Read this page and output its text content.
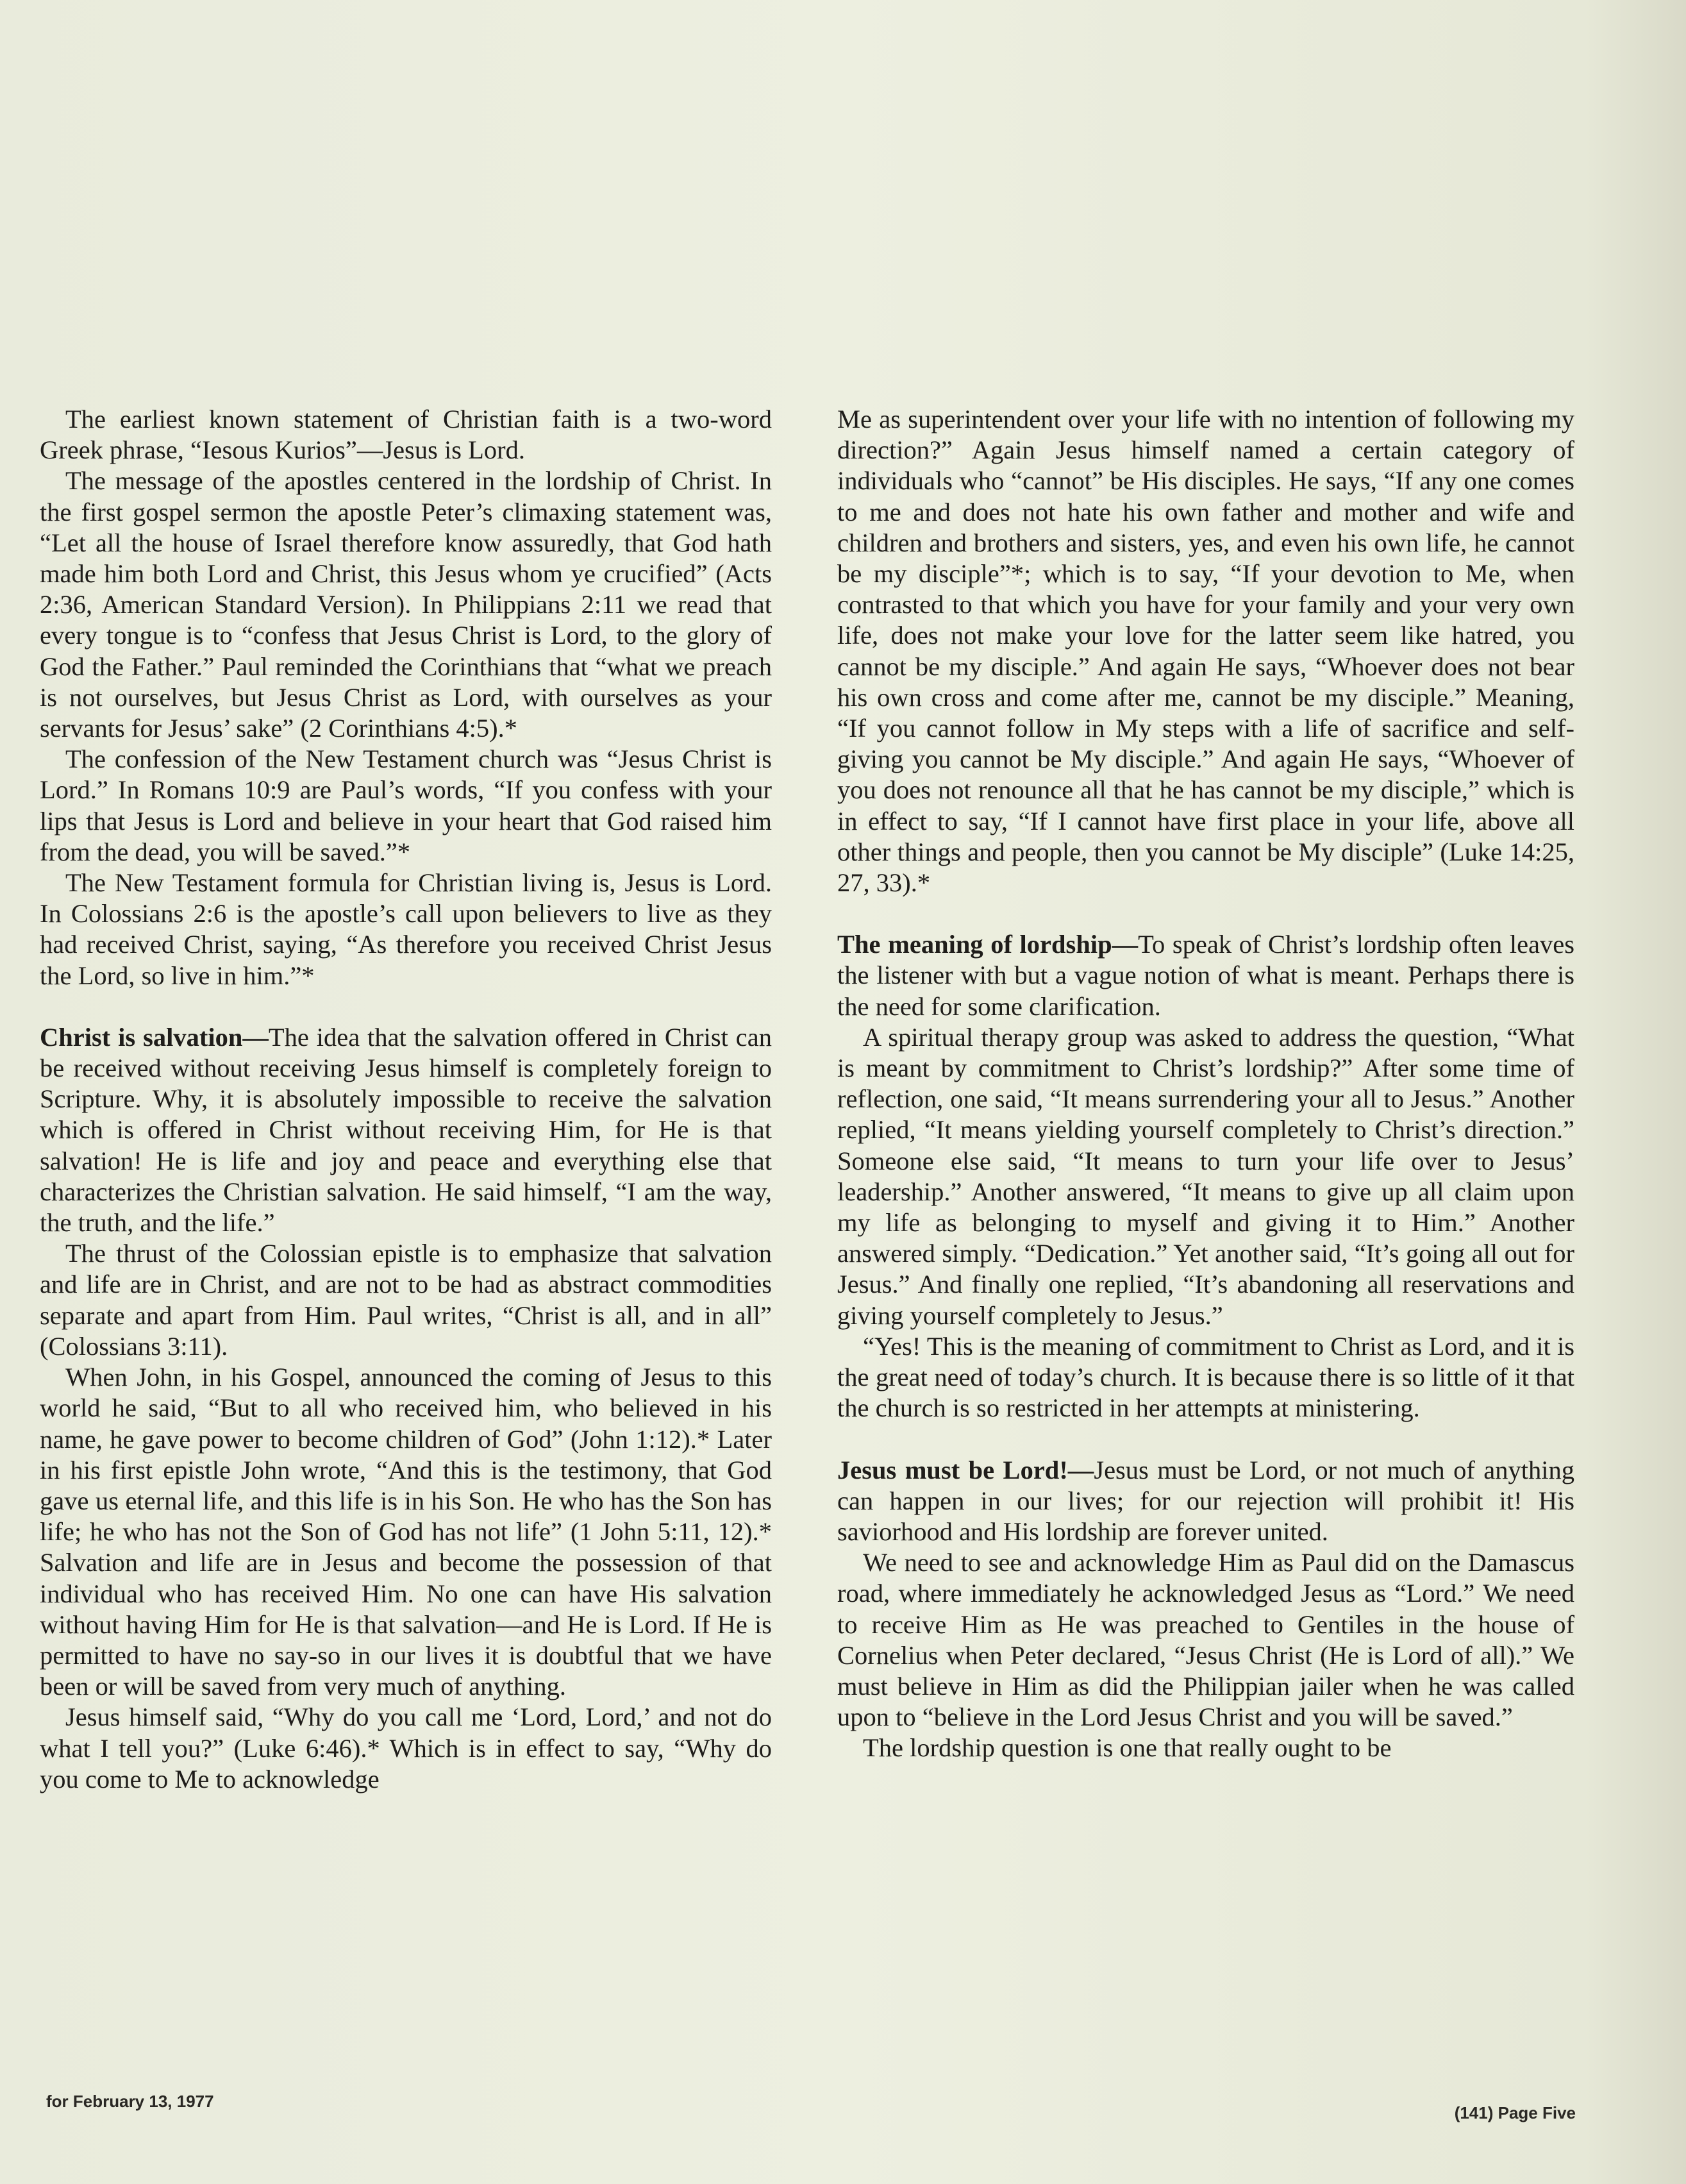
The earliest known statement of Christian faith is a two-word Greek phrase, “Iesous Kurios”—Jesus is Lord.

The message of the apostles centered in the lordship of Christ. In the first gospel sermon the apostle Peter’s climaxing statement was, “Let all the house of Israel therefore know assuredly, that God hath made him both Lord and Christ, this Jesus whom ye crucified” (Acts 2:36, American Standard Version). In Philippians 2:11 we read that every tongue is to “confess that Jesus Christ is Lord, to the glory of God the Father.” Paul reminded the Corinthians that “what we preach is not ourselves, but Jesus Christ as Lord, with ourselves as your servants for Jesus’ sake” (2 Corinthians 4:5).*

The confession of the New Testament church was “Jesus Christ is Lord.” In Romans 10:9 are Paul’s words, “If you confess with your lips that Jesus is Lord and believe in your heart that God raised him from the dead, you will be saved.”*

The New Testament formula for Christian living is, Jesus is Lord. In Colossians 2:6 is the apostle’s call upon believers to live as they had received Christ, saying, “As therefore you received Christ Jesus the Lord, so live in him.”*

Christ is salvation—The idea that the salvation offered in Christ can be received without receiving Jesus himself is completely foreign to Scripture. Why, it is absolutely impossible to receive the salvation which is offered in Christ without receiving Him, for He is that salvation! He is life and joy and peace and everything else that characterizes the Christian salvation. He said himself, “I am the way, the truth, and the life.”

The thrust of the Colossian epistle is to emphasize that salvation and life are in Christ, and are not to be had as abstract commodities separate and apart from Him. Paul writes, “Christ is all, and in all” (Colossians 3:11).

When John, in his Gospel, announced the coming of Jesus to this world he said, “But to all who received him, who believed in his name, he gave power to become children of God” (John 1:12).* Later in his first epistle John wrote, “And this is the testimony, that God gave us eternal life, and this life is in his Son. He who has the Son has life; he who has not the Son of God has not life” (1 John 5:11, 12).* Salvation and life are in Jesus and become the possession of that individual who has received Him. No one can have His salvation without having Him for He is that salvation—and He is Lord. If He is permitted to have no say-so in our lives it is doubtful that we have been or will be saved from very much of anything.

Jesus himself said, “Why do you call me ‘Lord, Lord,’ and not do what I tell you?” (Luke 6:46).* Which is in effect to say, “Why do you come to Me to acknowledge

Me as superintendent over your life with no intention of following my direction?” Again Jesus himself named a certain category of individuals who “cannot” be His disciples. He says, “If any one comes to me and does not hate his own father and mother and wife and children and brothers and sisters, yes, and even his own life, he cannot be my disciple”*; which is to say, “If your devotion to Me, when contrasted to that which you have for your family and your very own life, does not make your love for the latter seem like hatred, you cannot be my disciple.” And again He says, “Whoever does not bear his own cross and come after me, cannot be my disciple.” Meaning, “If you cannot follow in My steps with a life of sacrifice and self-giving you cannot be My disciple.” And again He says, “Whoever of you does not renounce all that he has cannot be my disciple,” which is in effect to say, “If I cannot have first place in your life, above all other things and people, then you cannot be My disciple” (Luke 14:25, 27, 33).*

The meaning of lordship—To speak of Christ’s lordship often leaves the listener with but a vague notion of what is meant. Perhaps there is the need for some clarification.

A spiritual therapy group was asked to address the question, “What is meant by commitment to Christ’s lordship?” After some time of reflection, one said, “It means surrendering your all to Jesus.” Another replied, “It means yielding yourself completely to Christ’s direction.” Someone else said, “It means to turn your life over to Jesus’ leadership.” Another answered, “It means to give up all claim upon my life as belonging to myself and giving it to Him.” Another answered simply. “Dedication.” Yet another said, “It’s going all out for Jesus.” And finally one replied, “It’s abandoning all reservations and giving yourself completely to Jesus.”

“Yes! This is the meaning of commitment to Christ as Lord, and it is the great need of today’s church. It is because there is so little of it that the church is so restricted in her attempts at ministering.

Jesus must be Lord!—Jesus must be Lord, or not much of anything can happen in our lives; for our rejection will prohibit it! His saviorhood and His lordship are forever united.

We need to see and acknowledge Him as Paul did on the Damascus road, where immediately he acknowledged Jesus as “Lord.” We need to receive Him as He was preached to Gentiles in the house of Cornelius when Peter declared, “Jesus Christ (He is Lord of all).” We must believe in Him as did the Philippian jailer when he was called upon to “believe in the Lord Jesus Christ and you will be saved.”

The lordship question is one that really ought to be

for February 13, 1977
(141) Page Five
